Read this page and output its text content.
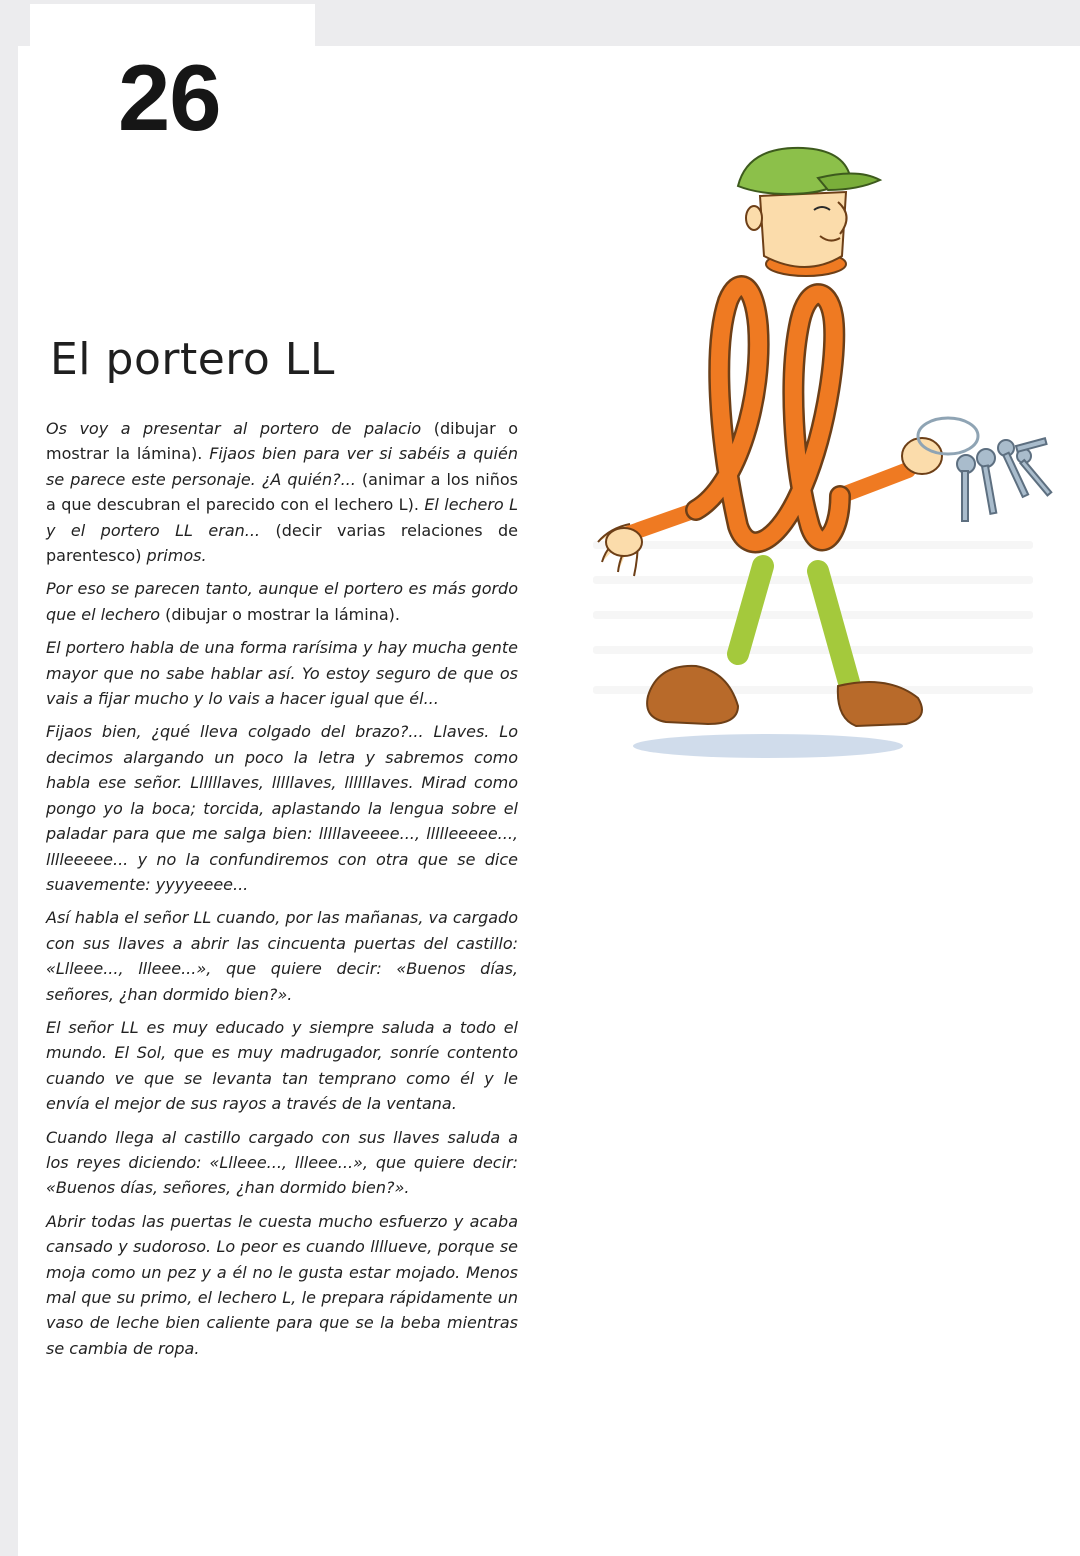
26
El portero LL

Os voy a presentar al portero de palacio (dibujar o mostrar la lámina). Fijaos bien para ver si sabéis a quién se parece este personaje. ¿A quién?... (animar a los niños a que descubran el parecido con el lechero L). El lechero L y el portero LL eran... (decir varias relaciones de parentesco) primos.

Por eso se parecen tanto, aunque el portero es más gordo que el lechero (dibujar o mostrar la lámina).

El portero habla de una forma rarísima y hay mucha gente mayor que no sabe hablar así. Yo estoy seguro de que os vais a fijar mucho y lo vais a hacer igual que él...

Fijaos bien, ¿qué lleva colgado del brazo?... Llaves. Lo decimos alargando un poco la letra y sabremos como habla ese señor. Llllllaves, lllllaves, llllllaves. Mirad como pongo yo la boca; torcida, aplastando la lengua sobre el paladar para que me salga bien: lllllaveeee..., llllleeeee..., lllleeeee... y no la confundiremos con otra que se dice suavemente: yyyyeeee...

Así habla el señor LL cuando, por las mañanas, va cargado con sus llaves a abrir las cincuenta puertas del castillo: «Llleee..., llleee...», que quiere decir: «Buenos días, señores, ¿han dormido bien?».

El señor LL es muy educado y siempre saluda a todo el mundo. El Sol, que es muy madrugador, sonríe contento cuando ve que se levanta tan temprano como él y le envía el mejor de sus rayos a través de la ventana.

Cuando llega al castillo cargado con sus llaves saluda a los reyes diciendo: «Llleee..., llleee...», que quiere decir: «Buenos días, señores, ¿han dormido bien?».

Abrir todas las puertas le cuesta mucho esfuerzo y acaba cansado y sudoroso. Lo peor es cuando llllueve, porque se moja como un pez y a él no le gusta estar mojado. Menos mal que su primo, el lechero L, le prepara rápidamente un vaso de leche bien caliente para que se la beba mientras se cambia de ropa.
